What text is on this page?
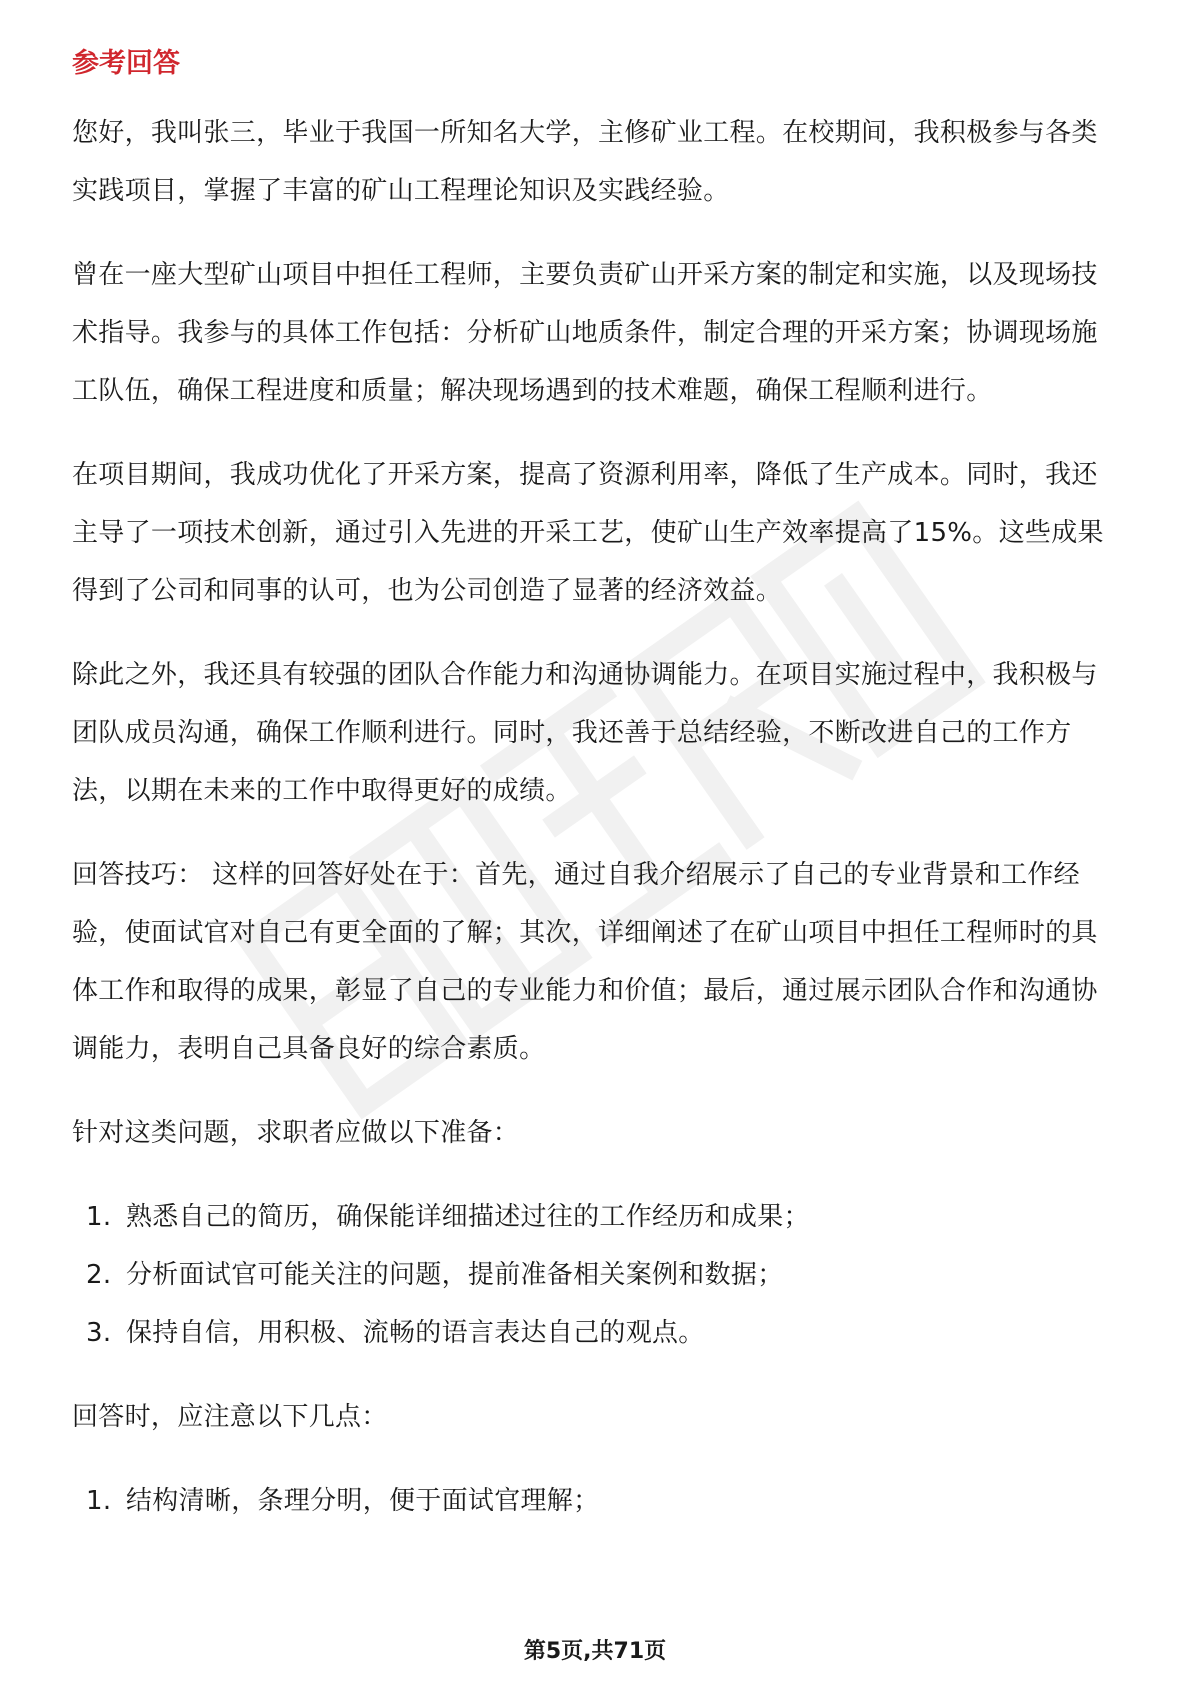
参考回答

您好，我叫张三，毕业于我国一所知名大学，主修矿业工程。在校期间，我积极参与各类实践项目，掌握了丰富的矿山工程理论知识及实践经验。

曾在一座大型矿山项目中担任工程师，主要负责矿山开采方案的制定和实施，以及现场技术指导。我参与的具体工作包括：分析矿山地质条件，制定合理的开采方案；协调现场施工队伍，确保工程进度和质量；解决现场遇到的技术难题，确保工程顺利进行。

在项目期间，我成功优化了开采方案，提高了资源利用率，降低了生产成本。同时，我还主导了一项技术创新，通过引入先进的开采工艺，使矿山生产效率提高了15%。这些成果得到了公司和同事的认可，也为公司创造了显著的经济效益。

除此之外，我还具有较强的团队合作能力和沟通协调能力。在项目实施过程中，我积极与团队成员沟通，确保工作顺利进行。同时，我还善于总结经验，不断改进自己的工作方法，以期在未来的工作中取得更好的成绩。

回答技巧： 这样的回答好处在于：首先，通过自我介绍展示了自己的专业背景和工作经验，使面试官对自己有更全面的了解；其次，详细阐述了在矿山项目中担任工程师时的具体工作和取得的成果，彰显了自己的专业能力和价值；最后，通过展示团队合作和沟通协调能力，表明自己具备良好的综合素质。

针对这类问题，求职者应做以下准备：

1. 熟悉自己的简历，确保能详细描述过往的工作经历和成果；
2. 分析面试官可能关注的问题，提前准备相关案例和数据；
3. 保持自信，用积极、流畅的语言表达自己的观点。

回答时，应注意以下几点：

1. 结构清晰，条理分明，便于面试官理解；
第5页,共71页
